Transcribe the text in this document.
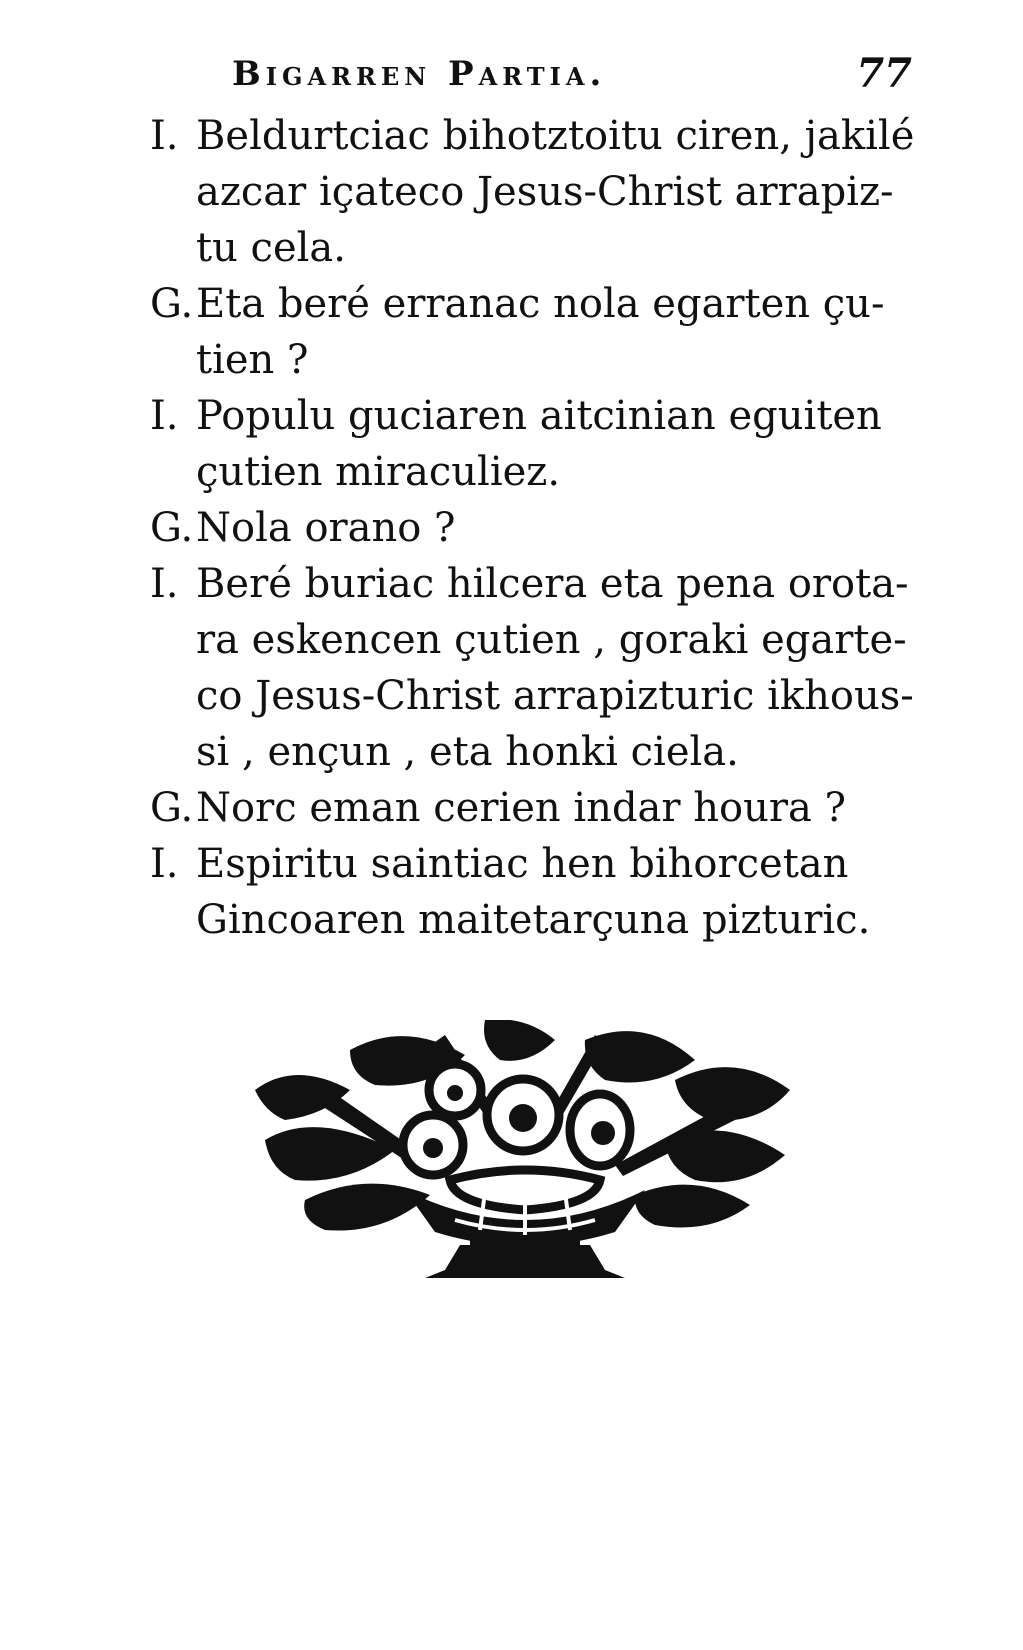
Bigarren Partia.	77
I. Beldurtciac bihotztoitu ciren, jakilé
azcar içateco Jesus-Christ arrapiz-
tu cela.
G. Eta beré erranac nola egarten çu-
tien ?
I. Populu guciaren aitcinian eguiten
çutien miraculiez.
G. Nola orano ?
I. Beré buriac hilcera eta pena orota-
ra eskencen çutien , goraki egarte-
co Jesus-Christ arrapizturic ikhous-
si , ençun , eta honki ciela.
G. Norc eman cerien indar houra ?
I. Espiritu saintiac hen bihorcetan
Gincoaren maitetarçuna pizturic.
